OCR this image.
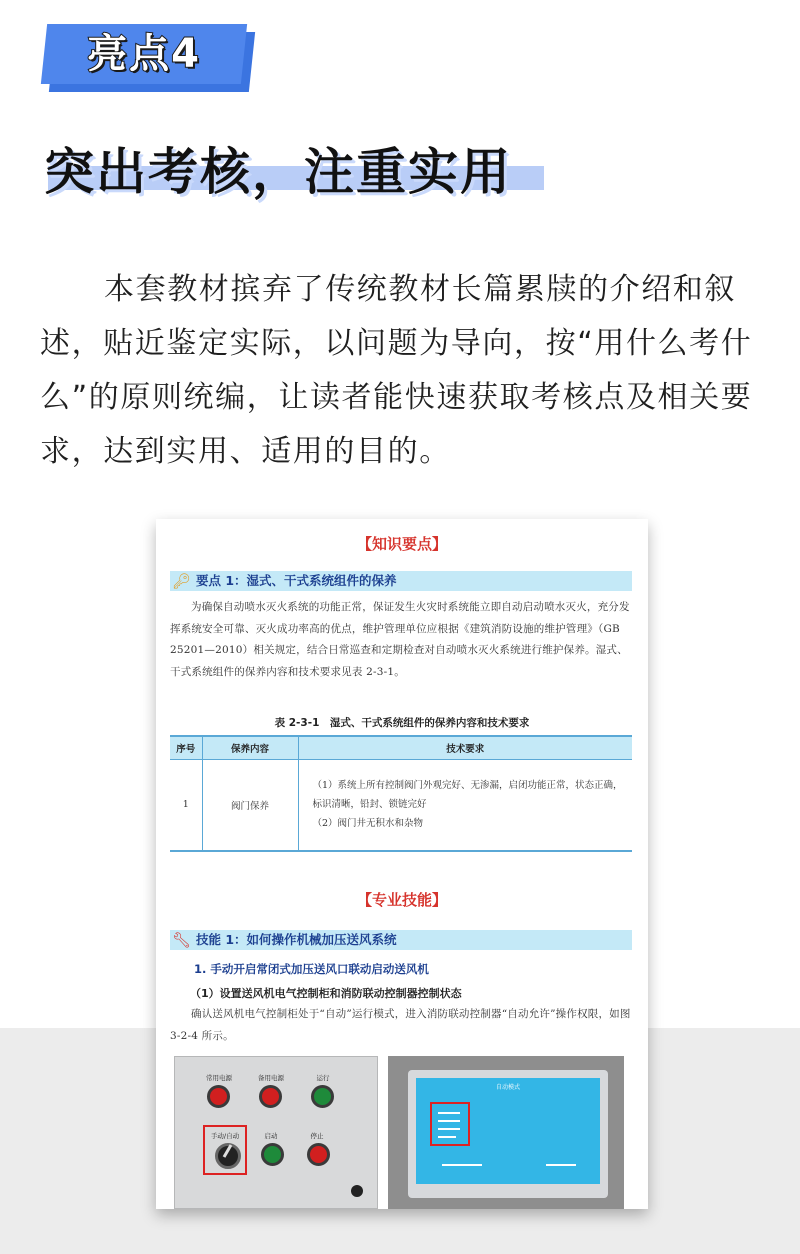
亮点4
突出考核，注重实用

本套教材摈弃了传统教材长篇累牍的介绍和叙述，贴近鉴定实际，以问题为导向，按“用什么考什么”的原则统编，让读者能快速获取考核点及相关要求，达到实用、适用的目的。

【知识要点】
🔑︎ 要点 1：湿式、干式系统组件的保养

为确保自动喷水灭火系统的功能正常，保证发生火灾时系统能立即自动启动喷水灭火，充分发挥系统安全可靠、灭火成功率高的优点，维护管理单位应根据《建筑消防设施的维护管理》（GB 25201—2010）相关规定，结合日常巡查和定期检查对自动喷水灭火系统进行维护保养。湿式、干式系统组件的保养内容和技术要求见表 2-3-1。

表 2-3-1　湿式、干式系统组件的保养内容和技术要求
序号	保养内容	技术要求
1	阀门保养	（1）系统上所有控制阀门外观完好、无渗漏，启闭功能正常，状态正确，标识清晰，铅封、锁链完好
（2）阀门井无积水和杂物
【专业技能】
🔧︎ 技能 1：如何操作机械加压送风系统
1. 手动开启常闭式加压送风口联动启动送风机
（1）设置送风机电气控制柜和消防联动控制器控制状态

确认送风机电气控制柜处于“自动”运行模式，进入消防联动控制器“自动允许”操作权限，如图 3-2-4 所示。

常用电源	备用电源	运行
手动/自动	启动	停止
自动模式
